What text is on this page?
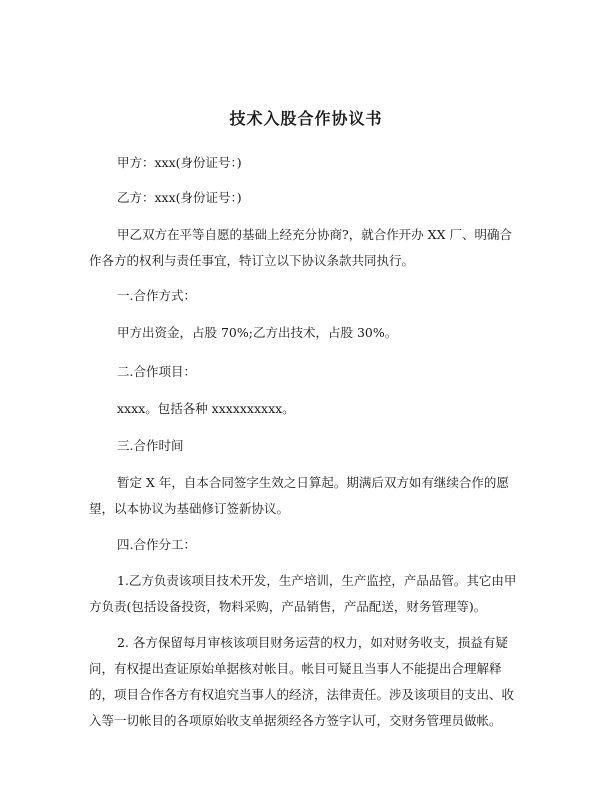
技术入股合作协议书

甲方：xxx(身份证号：)

乙方：xxx(身份证号：)

甲乙双方在平等自愿的基础上经充分协商?，就合作开办 XX 厂、明确合作各方的权利与责任事宜，特订立以下协议条款共同执行。

一.合作方式：

甲方出资金，占股 70%;乙方出技术，占股 30%。

二.合作项目：

xxxx。包括各种 xxxxxxxxxx。

三.合作时间

暂定 X 年，自本合同签字生效之日算起。期满后双方如有继续合作的愿望，以本协议为基础修订签新协议。

四.合作分工：

1.乙方负责该项目技术开发，生产培训，生产监控，产品品管。其它由甲方负责(包括设备投资，物料采购，产品销售，产品配送，财务管理等)。

2. 各方保留每月审核该项目财务运营的权力，如对财务收支，损益有疑问，有权提出查证原始单据核对帐目。帐目可疑且当事人不能提出合理解释的，项目合作各方有权追究当事人的经济，法律责任。涉及该项目的支出、收入等一切帐目的各项原始收支单据须经各方签字认可，交财务管理员做帐。
